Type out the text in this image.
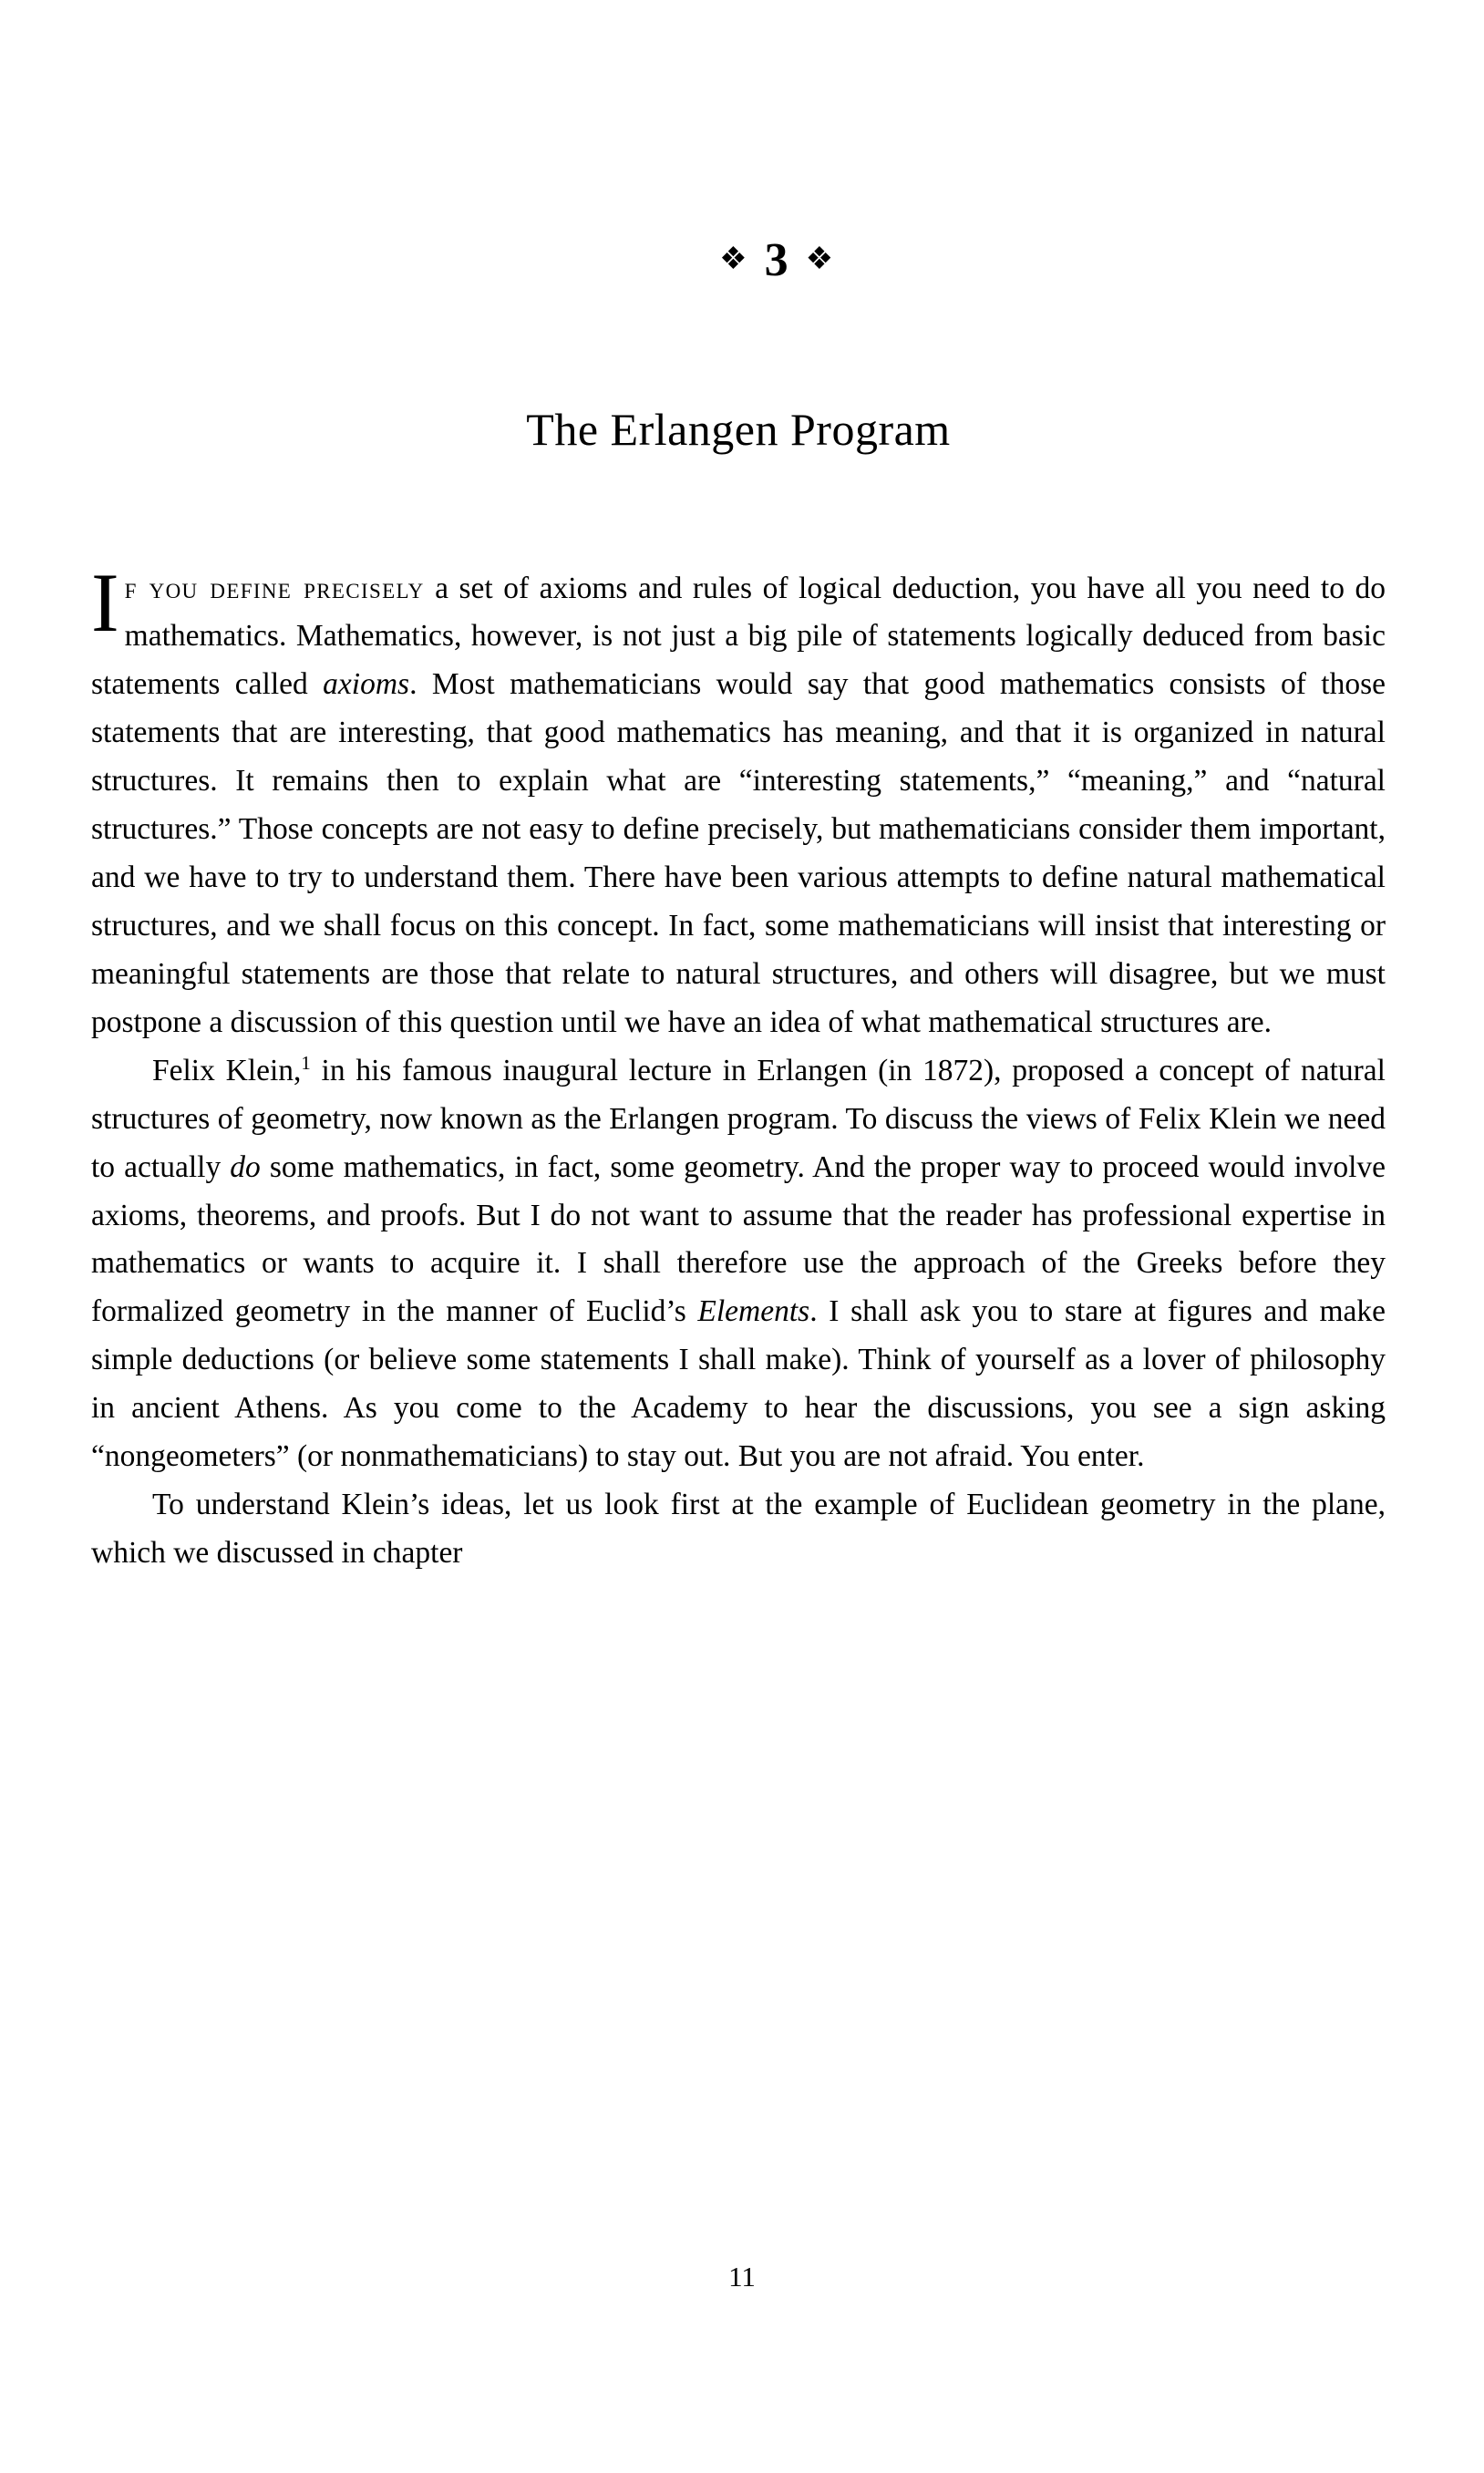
❖ 3 ❖

The Erlangen Program

If you define precisely a set of axioms and rules of logical deduction, you have all you need to do mathematics. Mathematics, however, is not just a big pile of statements logically deduced from basic statements called axioms. Most mathematicians would say that good mathematics consists of those statements that are interesting, that good mathematics has meaning, and that it is organized in natural structures. It remains then to explain what are “interesting statements,” “meaning,” and “natural structures.” Those concepts are not easy to define precisely, but mathematicians consider them important, and we have to try to understand them. There have been various attempts to define natural mathematical structures, and we shall focus on this concept. In fact, some mathematicians will insist that interesting or meaningful statements are those that relate to natural structures, and others will disagree, but we must postpone a discussion of this question until we have an idea of what mathematical structures are.

Felix Klein,$^1$ in his famous inaugural lecture in Erlangen (in 1872), proposed a concept of natural structures of geometry, now known as the Erlangen program. To discuss the views of Felix Klein we need to actually do some mathematics, in fact, some geometry. And the proper way to proceed would involve axioms, theorems, and proofs. But I do not want to assume that the reader has professional expertise in mathematics or wants to acquire it. I shall therefore use the approach of the Greeks before they formalized geometry in the manner of Euclid’s Elements. I shall ask you to stare at figures and make simple deductions (or believe some statements I shall make). Think of yourself as a lover of philosophy in ancient Athens. As you come to the Academy to hear the discussions, you see a sign asking “nongeometers” (or nonmathematicians) to stay out. But you are not afraid. You enter.

To understand Klein’s ideas, let us look first at the example of Euclidean geometry in the plane, which we discussed in chapter

11
